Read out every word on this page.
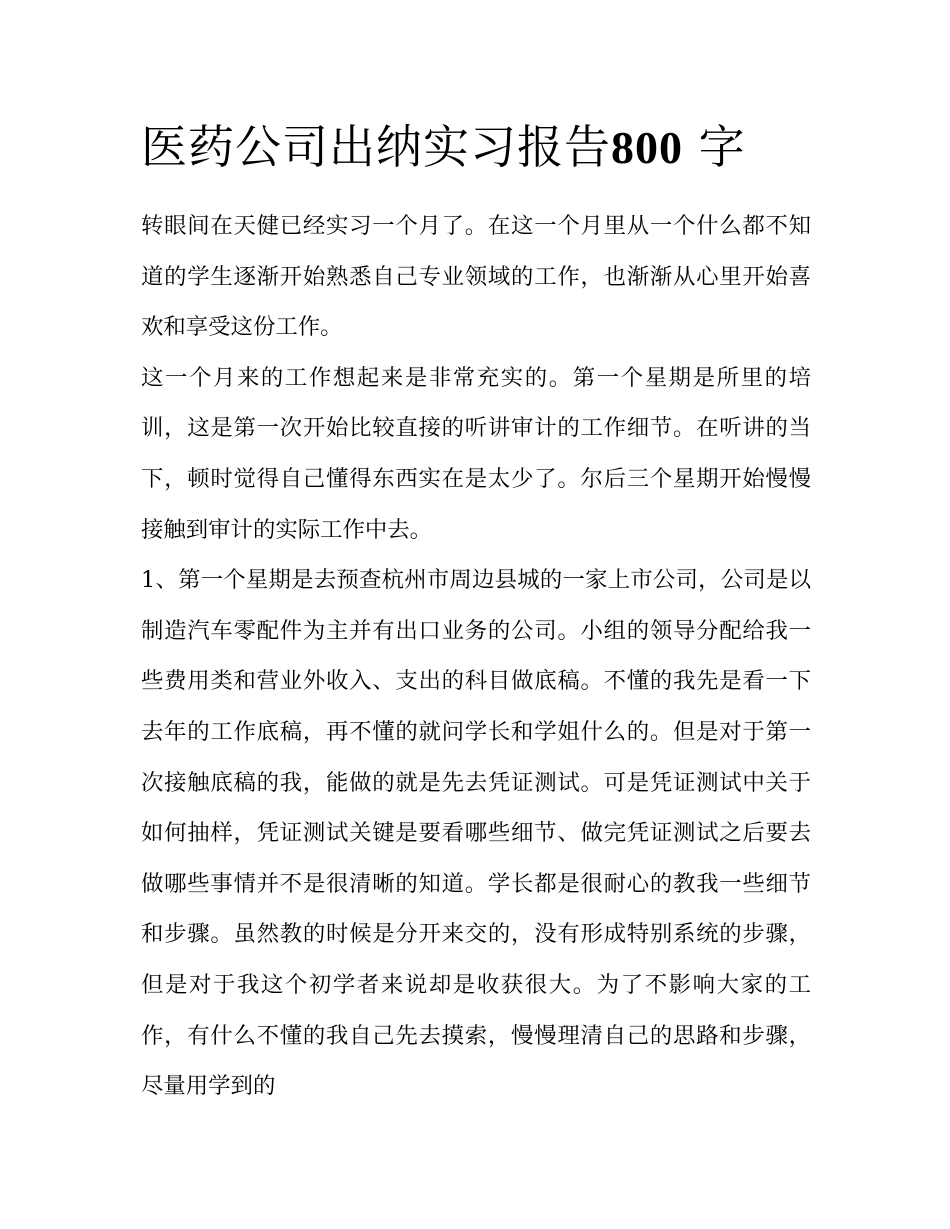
医药公司出纳实习报告800 字

转眼间在天健已经实习一个月了。在这一个月里从一个什么都不知道的学生逐渐开始熟悉自己专业领域的工作，也渐渐从心里开始喜欢和享受这份工作。

这一个月来的工作想起来是非常充实的。第一个星期是所里的培训，这是第一次开始比较直接的听讲审计的工作细节。在听讲的当下，顿时觉得自己懂得东西实在是太少了。尔后三个星期开始慢慢接触到审计的实际工作中去。

1、第一个星期是去预查杭州市周边县城的一家上市公司，公司是以制造汽车零配件为主并有出口业务的公司。小组的领导分配给我一些费用类和营业外收入、支出的科目做底稿。不懂的我先是看一下去年的工作底稿，再不懂的就问学长和学姐什么的。但是对于第一次接触底稿的我，能做的就是先去凭证测试。可是凭证测试中关于如何抽样，凭证测试关键是要看哪些细节、做完凭证测试之后要去做哪些事情并不是很清晰的知道。学长都是很耐心的教我一些细节和步骤。虽然教的时候是分开来交的，没有形成特别系统的步骤，但是对于我这个初学者来说却是收获很大。为了不影响大家的工作，有什么不懂的我自己先去摸索，慢慢理清自己的思路和步骤，尽量用学到的
